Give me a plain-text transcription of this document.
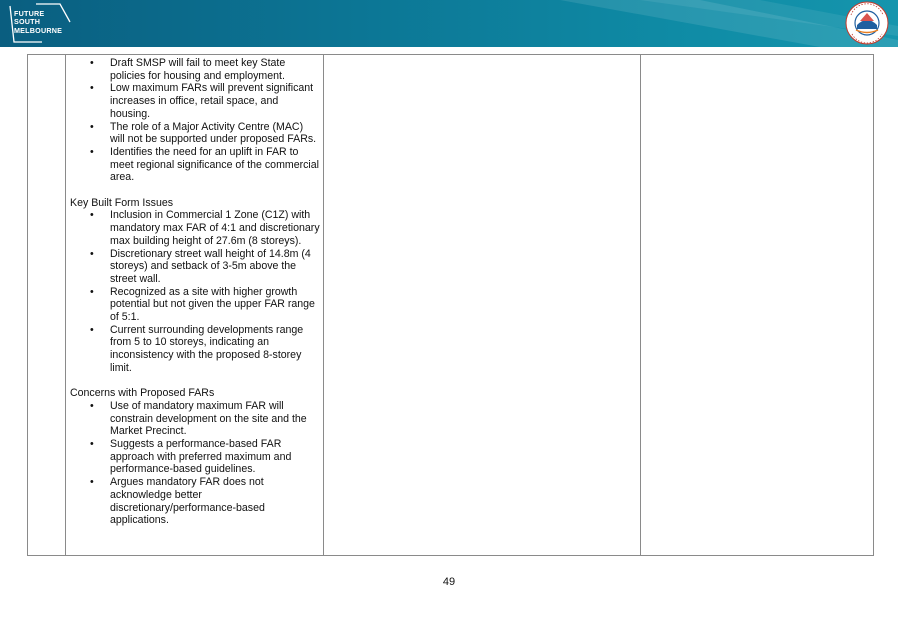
FUTURE
SOUTH
MELBOURNE
• Draft SMSP will fail to meet key State policies for housing and employment.
• Low maximum FARs will prevent significant increases in office, retail space, and housing.
• The role of a Major Activity Centre (MAC) will not be supported under proposed FARs.
• Identifies the need for an uplift in FAR to meet regional significance of the commercial area.
Key Built Form Issues
• Inclusion in Commercial 1 Zone (C1Z) with mandatory max FAR of 4:1 and discretionary max building height of 27.6m (8 storeys).
• Discretionary street wall height of 14.8m (4 storeys) and setback of 3-5m above the street wall.
• Recognized as a site with higher growth potential but not given the upper FAR range of 5:1.
• Current surrounding developments range from 5 to 10 storeys, indicating an inconsistency with the proposed 8-storey limit.
Concerns with Proposed FARs
• Use of mandatory maximum FAR will constrain development on the site and the Market Precinct.
• Suggests a performance-based FAR approach with preferred maximum and performance-based guidelines.
• Argues mandatory FAR does not acknowledge better discretionary/performance-based applications.
49
